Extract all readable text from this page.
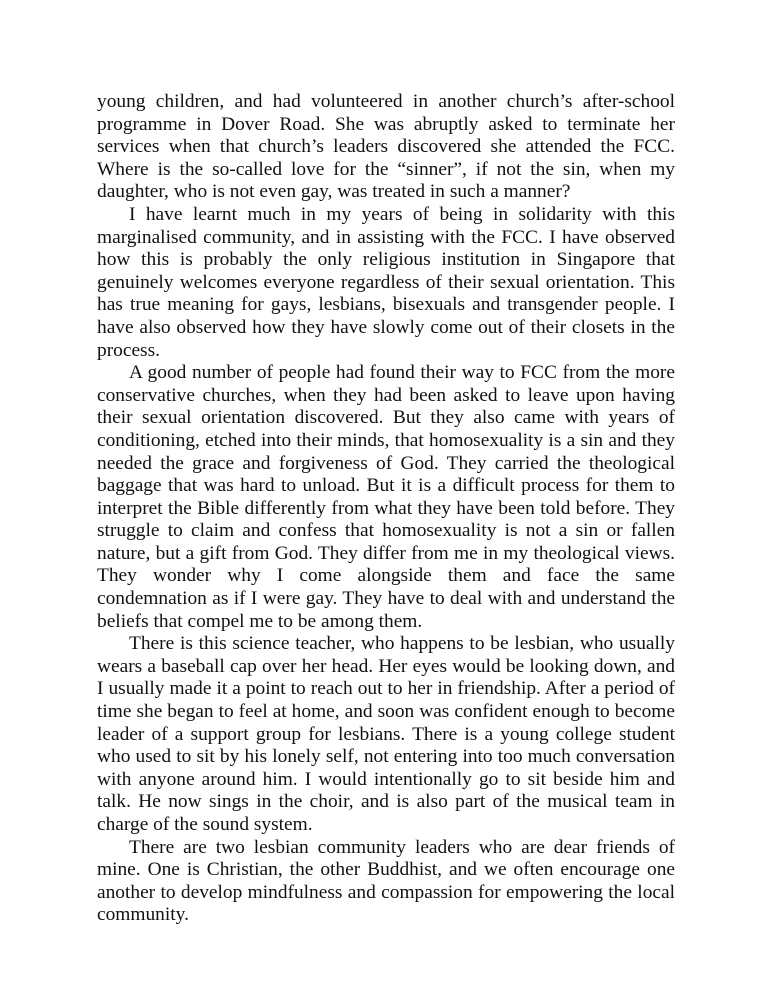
young children, and had volunteered in another church’s after-school programme in Dover Road. She was abruptly asked to terminate her services when that church’s leaders discovered she attended the FCC. Where is the so-called love for the “sinner”, if not the sin, when my daughter, who is not even gay, was treated in such a manner?

I have learnt much in my years of being in solidarity with this marginalised community, and in assisting with the FCC. I have observed how this is probably the only religious institution in Singapore that genuinely welcomes everyone regardless of their sexual orientation. This has true meaning for gays, lesbians, bisexuals and transgender people. I have also observed how they have slowly come out of their closets in the process.

A good number of people had found their way to FCC from the more conservative churches, when they had been asked to leave upon having their sexual orientation discovered. But they also came with years of conditioning, etched into their minds, that homosexuality is a sin and they needed the grace and forgiveness of God. They carried the theological baggage that was hard to unload. But it is a difficult process for them to interpret the Bible differently from what they have been told before. They struggle to claim and confess that homosexuality is not a sin or fallen nature, but a gift from God. They differ from me in my theological views. They wonder why I come alongside them and face the same condemnation as if I were gay. They have to deal with and understand the beliefs that compel me to be among them.

There is this science teacher, who happens to be lesbian, who usually wears a baseball cap over her head. Her eyes would be looking down, and I usually made it a point to reach out to her in friendship. After a period of time she began to feel at home, and soon was confident enough to become leader of a support group for lesbians. There is a young college student who used to sit by his lonely self, not entering into too much conversation with anyone around him. I would intentionally go to sit beside him and talk. He now sings in the choir, and is also part of the musical team in charge of the sound system.

There are two lesbian community leaders who are dear friends of mine. One is Christian, the other Buddhist, and we often encourage one another to develop mindfulness and compassion for empowering the local community.
